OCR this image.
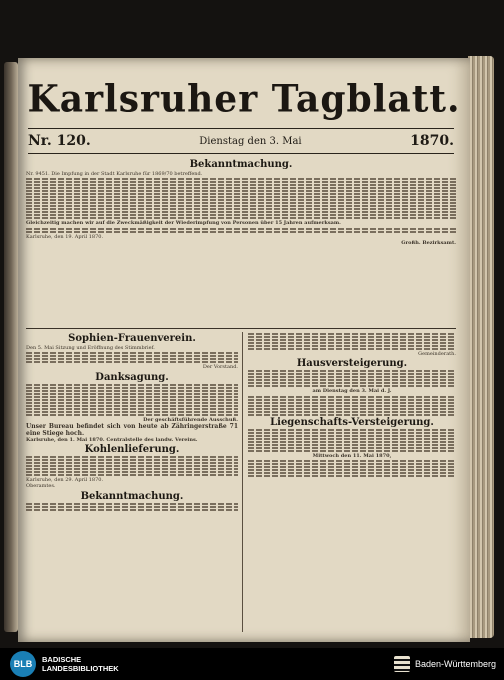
Karlsruher Tagblatt.
Nr. 120.	Dienstag den 3. Mai	1870.
Bekanntmachung.
Nr. 9451. Die Impfung in der Stadt Karlsruhe für 1869/70 betreffend.
Gleichzeitig machen wir auf die Zweckmäßigkeit der Wiederimpfung von Personen über 15 Jahren aufmerksam.
Karlsruhe, den 19. April 1870.
Großh. Bezirksamt.
Sophien-Frauenverein.
Den 5. Mai Sitzung und Eröffnung des Stimmbrief.
Der Vorstand.
Danksagung.
Der geschäftsführende Ausschuß.
Unser Bureau befindet sich von heute ab Zähringerstraße 71 eine Stiege hoch.
Karlsruhe, den 1. Mai 1870. Centralstelle des landw. Vereins.
Kohlenlieferung.
Karlsruhe, den 29. April 1870.
Oberamtes.
Bekanntmachung.
Gemeinderath.
Hausversteigerung.
am Dienstag den 3. Mai d. J.
Liegenschafts-Versteigerung.
Mittwoch den 11. Mai 1870,
BLB	BADISCHE
LANDESBIBLIOTHEK	Baden-Württemberg
